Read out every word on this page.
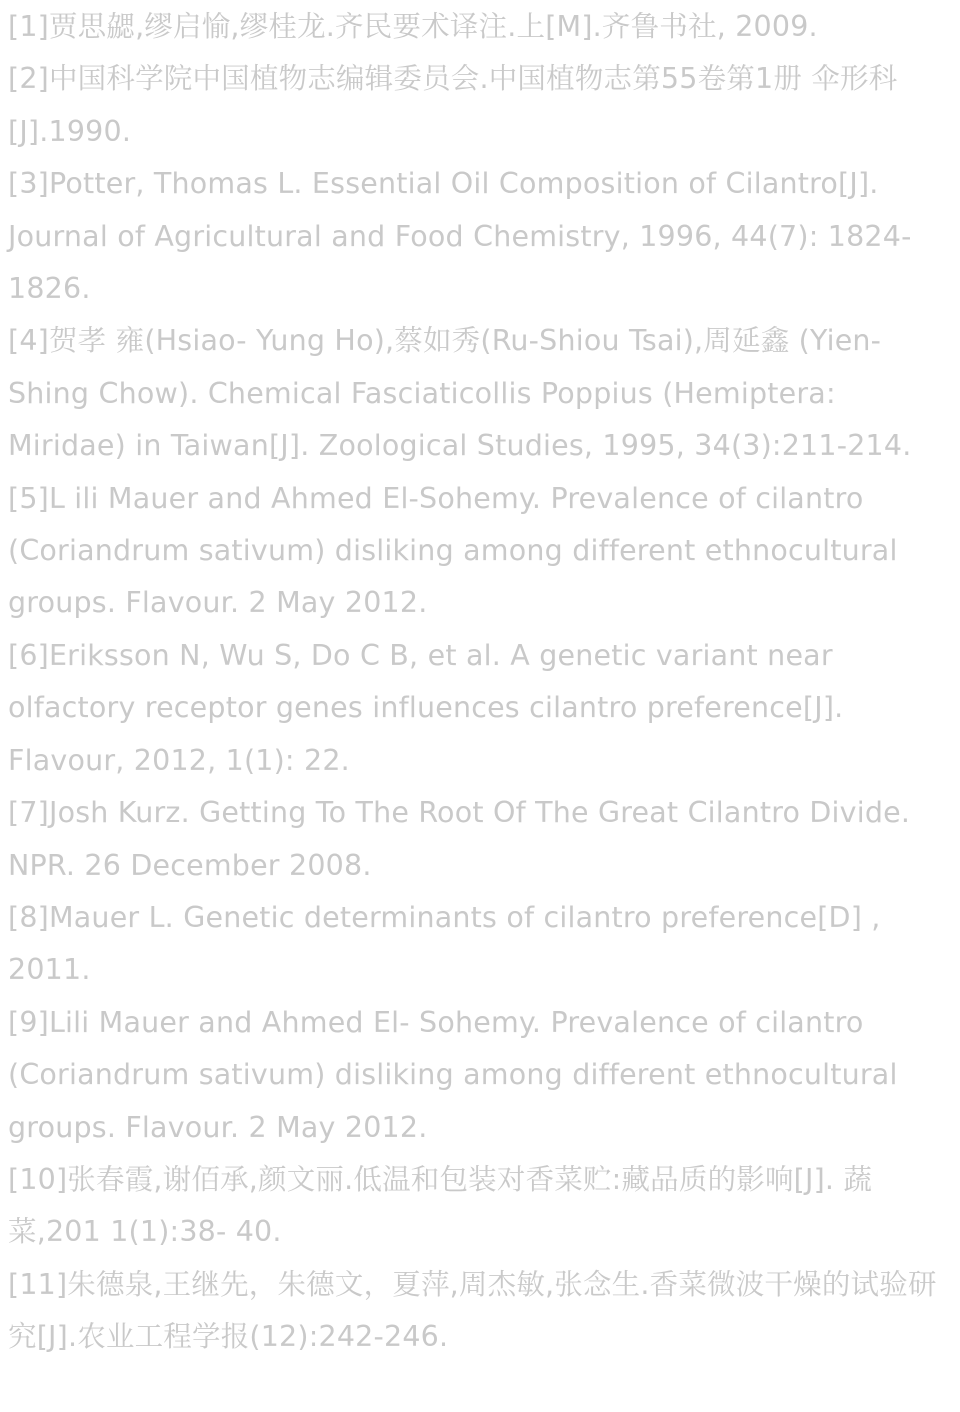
[1]贾思勰,缪启愉,缪桂龙.齐民要术译注.上[M].齐鲁书社, 2009.
[2]中国科学院中国植物志编辑委员会.中国植物志第55卷第1册 伞形科[J].1990.
[3]Potter, Thomas L. Essential Oil Composition of Cilantro[J]. Journal of Agricultural and Food Chemistry, 1996, 44(7): 1824-1826.
[4]贺孝 雍(Hsiao- Yung Ho),蔡如秀(Ru-Shiou Tsai),周延鑫 (Yien- Shing Chow). Chemical Fasciaticollis Poppius (Hemiptera: Miridae) in Taiwan[J]. Zoological Studies, 1995, 34(3):211-214.
[5]L ili Mauer and Ahmed El-Sohemy. Prevalence of cilantro (Coriandrum sativum) disliking among different ethnocultural groups. Flavour. 2 May 2012.
[6]Eriksson N, Wu S, Do C B, et al. A genetic variant near olfactory receptor genes influences cilantro preference[J]. Flavour, 2012, 1(1): 22.
[7]Josh Kurz. Getting To The Root Of The Great Cilantro Divide. NPR. 26 December 2008.
[8]Mauer L. Genetic determinants of cilantro preference[D] , 2011.
[9]Lili Mauer and Ahmed El- Sohemy. Prevalence of cilantro (Coriandrum sativum) disliking among different ethnocultural groups. Flavour. 2 May 2012.
[10]张春霞,谢佰承,颜文丽.低温和包装对香菜贮:藏品质的影响[J]. 蔬菜,201 1(1):38- 40.
[11]朱德泉,王继先，朱德文，夏萍,周杰敏,张念生.香菜微波干燥的试验研究[J].农业工程学报(12):242-246.
